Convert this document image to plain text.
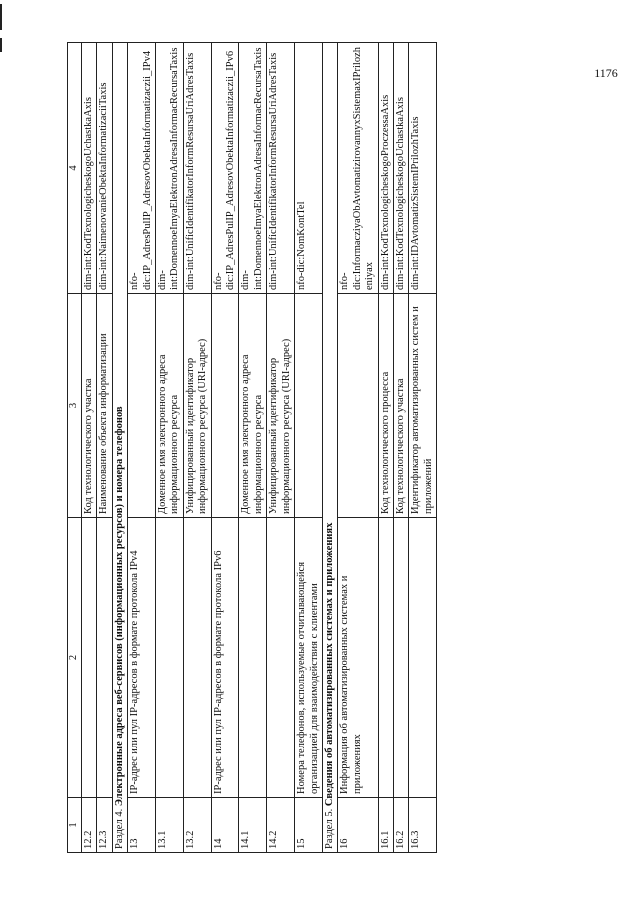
1176
1	2	3	4
12.2		Код технологического участка	dim-int:KodTexnologicheskogoUchastkaAxis
12.3		Наименование объекта информатизации	dim-int:NaimenovanieObektaInformatizaciiTaxis
Раздел 4. Электронные адреса веб-сервисов (информационных ресурсов) и номера телефонов			
13	IP-адрес или пул IP-адресов в формате протокола IPv4		nfo-dic:IP_AdresPulIP_AdresovObektaInformatizaczii_IPv4
13.1		Доменное имя электронного адреса информационного ресурса	dim-int:DomennoeImyaElektronAdresaInformacReсursaTaxis
13.2		Унифицированный идентификатор информационного ресурса (URI-адрес)	dim-int:UnificIdentifikatorInformResursaUriAdresTaxis
14	IP-адрес или пул IP-адресов в формате протокола IPv6		nfo-dic:IP_AdresPulIP_AdresovObektaInformatizaczii_IPv6
14.1		Доменное имя электронного адреса информационного ресурса	dim-int:DomennoeImyaElektronAdresaInformacReсursaTaxis
14.2		Унифицированный идентификатор информационного ресурса (URI-адрес)	dim-int:UnificIdentifikatorInformResursaUriAdresTaxis
15	Номера телефонов, используемые отчитывающейся организацией для взаимодействия с клиентами		nfo-dic:NomKontTel
Раздел 5. Сведения об автоматизированных системах и приложениях			
16	Информация об автоматизированных системах и приложениях		nfo-dic:InformacziyaObAvtomatizirovannyxSistemaxIPrilozheniyax
16.1		Код технологического процесса	dim-int:KodTexnologicheskogoProczessaAxis
16.2		Код технологического участка	dim-int:KodTexnologicheskogoUchastkaAxis
16.3		Идентификатор автоматизированных систем и приложений	dim-int:IDAvtomatizSistemIPrilozhTaxis
